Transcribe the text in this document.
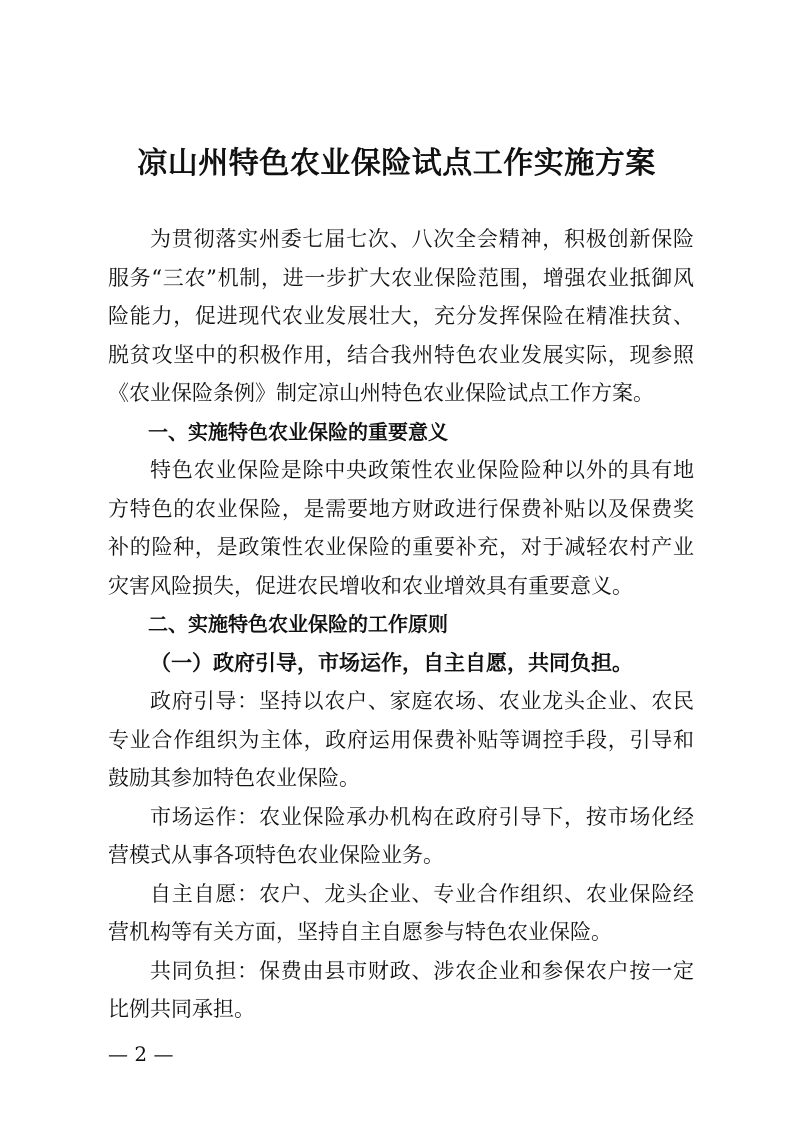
凉山州特色农业保险试点工作实施方案

为贯彻落实州委七届七次、八次全会精神，积极创新保险服务“三农”机制，进一步扩大农业保险范围，增强农业抵御风险能力，促进现代农业发展壮大，充分发挥保险在精准扶贫、脱贫攻坚中的积极作用，结合我州特色农业发展实际，现参照《农业保险条例》制定凉山州特色农业保险试点工作方案。

一、实施特色农业保险的重要意义

特色农业保险是除中央政策性农业保险险种以外的具有地方特色的农业保险，是需要地方财政进行保费补贴以及保费奖补的险种，是政策性农业保险的重要补充，对于减轻农村产业灾害风险损失，促进农民增收和农业增效具有重要意义。

二、实施特色农业保险的工作原则

（一）政府引导，市场运作，自主自愿，共同负担。

政府引导：坚持以农户、家庭农场、农业龙头企业、农民专业合作组织为主体，政府运用保费补贴等调控手段，引导和鼓励其参加特色农业保险。

市场运作：农业保险承办机构在政府引导下，按市场化经营模式从事各项特色农业保险业务。

自主自愿：农户、龙头企业、专业合作组织、农业保险经营机构等有关方面，坚持自主自愿参与特色农业保险。

共同负担：保费由县市财政、涉农企业和参保农户按一定比例共同承担。

— 2 —
